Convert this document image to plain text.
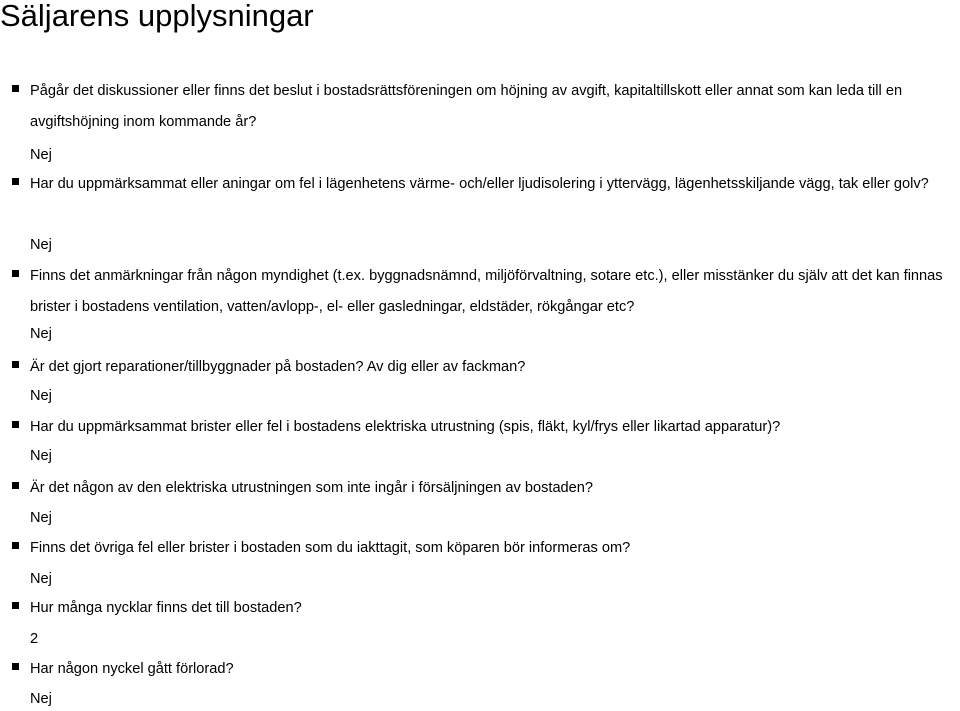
Säljarens upplysningar
Pågår det diskussioner eller finns det beslut i bostadsrättsföreningen om höjning av avgift, kapitaltillskott eller annat som kan leda till en avgiftshöjning inom kommande år?
Nej
Har du uppmärksammat eller aningar om fel i lägenhetens värme- och/eller ljudisolering i yttervägg, lägenhetsskiljande vägg, tak eller golv?
Nej
Finns det anmärkningar från någon myndighet (t.ex. byggnadsnämnd, miljöförvaltning, sotare etc.), eller misstänker du själv att det kan finnas brister i bostadens ventilation, vatten/avlopp-, el- eller gasledningar, eldstäder, rökgångar etc?
Nej
Är det gjort reparationer/tillbyggnader på bostaden? Av dig eller av fackman?
Nej
Har du uppmärksammat brister eller fel i bostadens elektriska utrustning (spis, fläkt, kyl/frys eller likartad apparatur)?
Nej
Är det någon av den elektriska utrustningen som inte ingår i försäljningen av bostaden?
Nej
Finns det övriga fel eller brister i bostaden som du iakttagit, som köparen bör informeras om?
Nej
Hur många nycklar finns det till bostaden?
2
Har någon nyckel gått förlorad?
Nej
